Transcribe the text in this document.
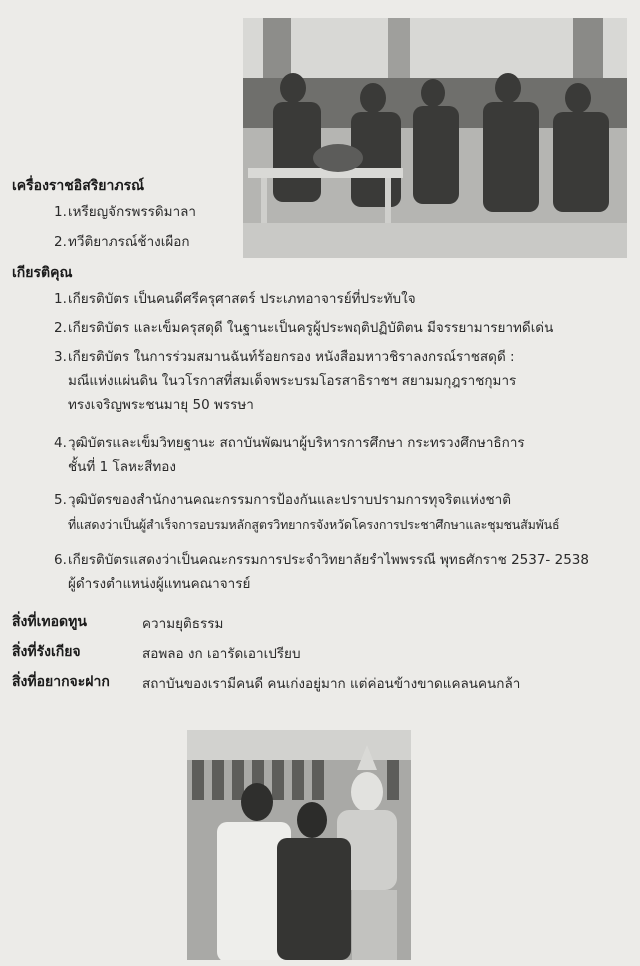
เครื่องราชอิสริยาภรณ์
1. เหรียญจักรพรรดิมาลา
2. ทวีติยาภรณ์ช้างเผือก
เกียรติคุณ
1. เกียรติบัตร เป็นคนดีศรีครุศาสตร์ ประเภทอาจารย์ที่ประทับใจ
2. เกียรติบัตร และเข็มครุสดุดี ในฐานะเป็นครูผู้ประพฤติปฏิบัติตน มีจรรยามารยาทดีเด่น
3. เกียรติบัตร ในการร่วมสมานฉันท์ร้อยกรอง หนังสือมหาวชิราลงกรณ์ราชสดุดี :
มณีแห่งแผ่นดิน ในวโรกาสที่สมเด็จพระบรมโอรสาธิราชฯ สยามมกุฎราชกุมาร
ทรงเจริญพระชนมายุ 50 พรรษา
4. วุฒิบัตรและเข็มวิทยฐานะ สถาบันพัฒนาผู้บริหารการศึกษา กระทรวงศึกษาธิการ
ชั้นที่ 1 โลหะสีทอง
5. วุฒิบัตรของสำนักงานคณะกรรมการป้องกันและปราบปรามการทุจริตแห่งชาติ
ที่แสดงว่าเป็นผู้สำเร็จการอบรมหลักสูตรวิทยากรจังหวัดโครงการประชาศึกษาและชุมชนสัมพันธ์
6. เกียรติบัตรแสดงว่าเป็นคณะกรรมการประจำวิทยาลัยรำไพพรรณี พุทธศักราช 2537- 2538
ผู้ดำรงตำแหน่งผู้แทนคณาจารย์
สิ่งที่เทอดทูน	ความยุติธรรม
สิ่งที่รังเกียจ	สอพลอ งก เอารัดเอาเปรียบ
สิ่งที่อยากจะฝาก สถาบันของเรามีคนดี คนเก่งอยู่มาก แต่ค่อนข้างขาดแคลนคนกล้า
